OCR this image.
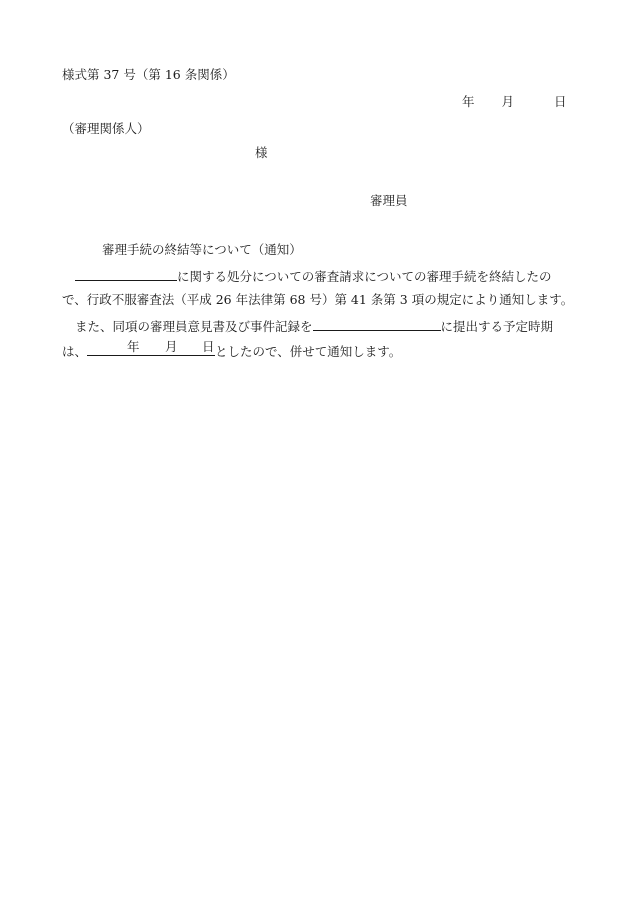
様式第 37 号（第 16 条関係）
年 月	日
（審理関係人）
様
審理員
審理手続の終結等について（通知）
に関する処分についての審査請求についての審理手続を終結したの
で、行政不服審査法（平成 26 年法律第 68 号）第 41 条第 3 項の規定により通知します。
また、同項の審理員意見書及び事件記録を	に提出する予定時期
は、	年 月 日 としたので、併せて通知します。
